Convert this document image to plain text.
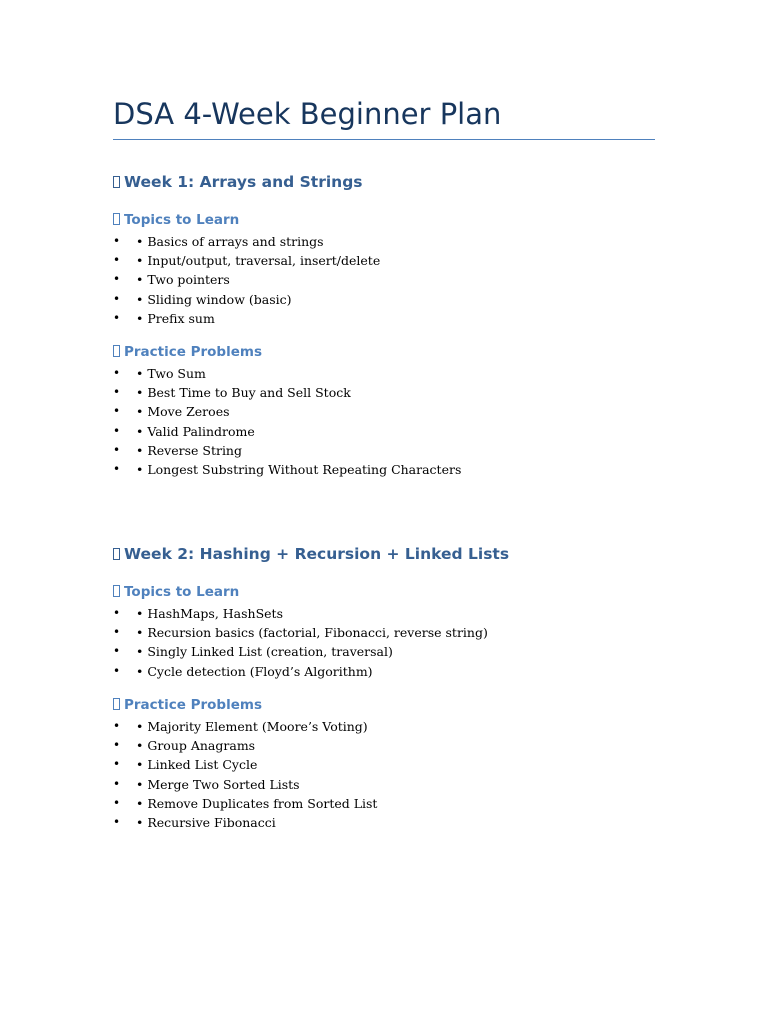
DSA 4-Week Beginner Plan
Week 1: Arrays and Strings
Topics to Learn
• • Basics of arrays and strings
• • Input/output, traversal, insert/delete
• • Two pointers
• • Sliding window (basic)
• • Prefix sum
Practice Problems
• • Two Sum
• • Best Time to Buy and Sell Stock
• • Move Zeroes
• • Valid Palindrome
• • Reverse String
• • Longest Substring Without Repeating Characters
Week 2: Hashing + Recursion + Linked Lists
Topics to Learn
• • HashMaps, HashSets
• • Recursion basics (factorial, Fibonacci, reverse string)
• • Singly Linked List (creation, traversal)
• • Cycle detection (Floyd’s Algorithm)
Practice Problems
• • Majority Element (Moore’s Voting)
• • Group Anagrams
• • Linked List Cycle
• • Merge Two Sorted Lists
• • Remove Duplicates from Sorted List
• • Recursive Fibonacci
